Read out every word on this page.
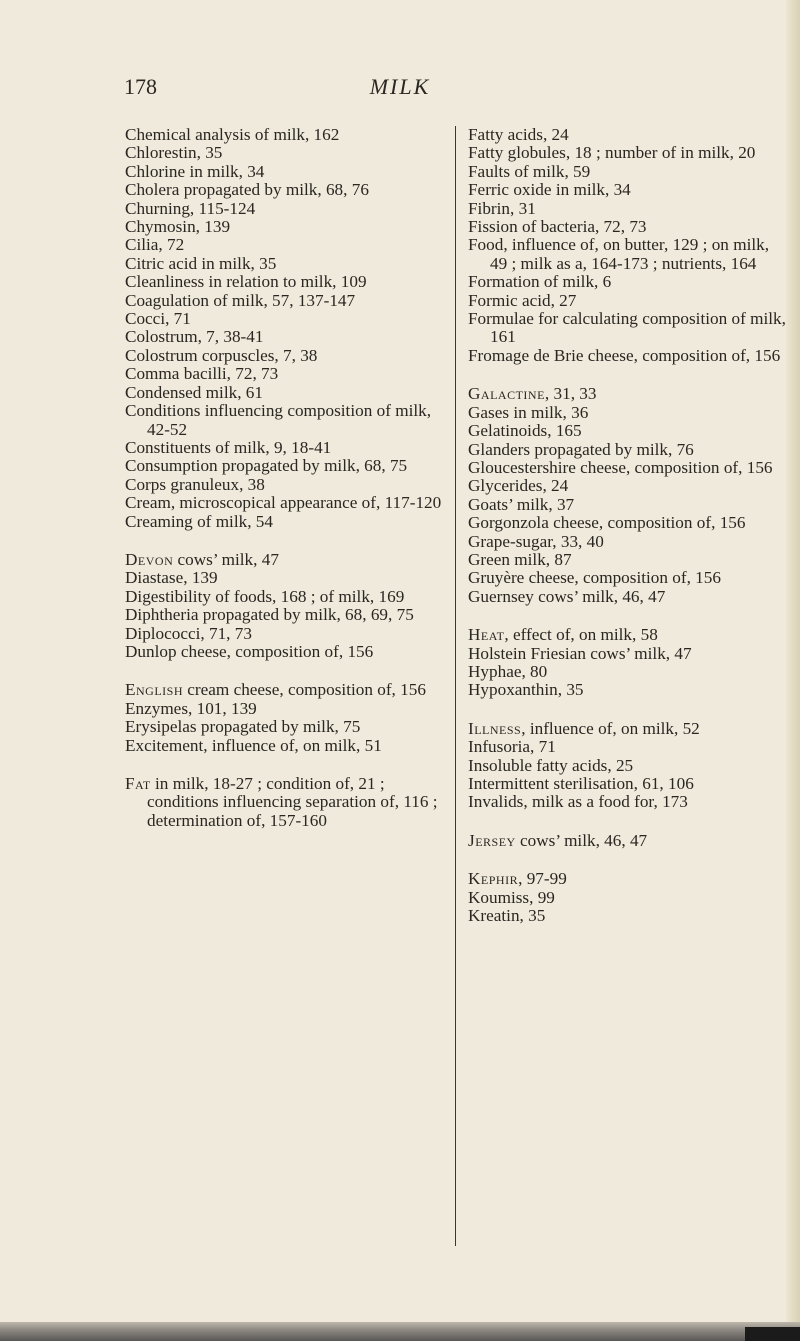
178	MILK

Chemical analysis of milk, 162

Chlorestin, 35

Chlorine in milk, 34

Cholera propagated by milk, 68, 76

Churning, 115-124

Chymosin, 139

Cilia, 72

Citric acid in milk, 35

Cleanliness in relation to milk, 109

Coagulation of milk, 57, 137-147

Cocci, 71

Colostrum, 7, 38-41

Colostrum corpuscles, 7, 38

Comma bacilli, 72, 73

Condensed milk, 61

Conditions influencing composition of milk, 42-52

Constituents of milk, 9, 18-41

Consumption propagated by milk, 68, 75

Corps granuleux, 38

Cream, microscopical appearance of, 117-120

Creaming of milk, 54

Devon cows’ milk, 47

Diastase, 139

Digestibility of foods, 168 ; of milk, 169

Diphtheria propagated by milk, 68, 69, 75

Diplococci, 71, 73

Dunlop cheese, composition of, 156

English cream cheese, composition of, 156

Enzymes, 101, 139

Erysipelas propagated by milk, 75

Excitement, influence of, on milk, 51

Fat in milk, 18-27 ; condition of, 21 ; conditions influencing separation of, 116 ; determination of, 157-160

Fatty acids, 24

Fatty globules, 18 ; number of in milk, 20

Faults of milk, 59

Ferric oxide in milk, 34

Fibrin, 31

Fission of bacteria, 72, 73

Food, influence of, on butter, 129 ; on milk, 49 ; milk as a, 164-173 ; nutrients, 164

Formation of milk, 6

Formic acid, 27

Formulae for calculating composition of milk, 161

Fromage de Brie cheese, composition of, 156

Galactine, 31, 33

Gases in milk, 36

Gelatinoids, 165

Glanders propagated by milk, 76

Gloucestershire cheese, composition of, 156

Glycerides, 24

Goats’ milk, 37

Gorgonzola cheese, composition of, 156

Grape-sugar, 33, 40

Green milk, 87

Gruyère cheese, composition of, 156

Guernsey cows’ milk, 46, 47

Heat, effect of, on milk, 58

Holstein Friesian cows’ milk, 47

Hyphae, 80

Hypoxanthin, 35

Illness, influence of, on milk, 52

Infusoria, 71

Insoluble fatty acids, 25

Intermittent sterilisation, 61, 106

Invalids, milk as a food for, 173

Jersey cows’ milk, 46, 47

Kephir, 97-99

Koumiss, 99

Kreatin, 35
